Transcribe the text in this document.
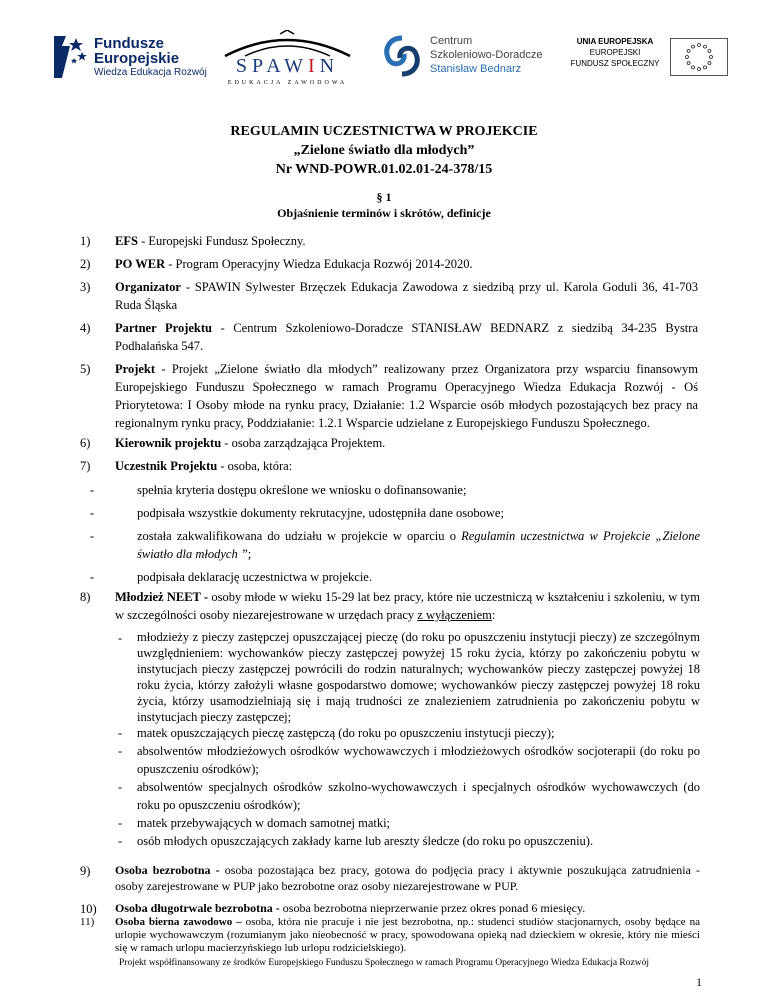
Fundusze
Europejskie
Wiedza Edukacja Rozwój	SPAWIN
EDUKACJA ZAWODOWA
Centrum
Szkoleniowo-Doradcze
Stanisław Bednarz
UNIA EUROPEJSKA
EUROPEJSKI
FUNDUSZ SPOŁECZNY
REGULAMIN UCZESTNICTWA W PROJEKCIE
„Zielone światło dla młodych”
Nr WND-POWR.01.02.01-24-378/15
§ 1
Objaśnienie terminów i skrótów, definicje
1) EFS - Europejski Fundusz Społeczny.
2) PO WER - Program Operacyjny Wiedza Edukacja Rozwój 2014-2020.
3) Organizator - SPAWIN Sylwester Brzęczek Edukacja Zawodowa z siedzibą przy ul. Karola Goduli 36, 41-703 Ruda Śląska
4) Partner Projektu - Centrum Szkoleniowo-Doradcze STANISŁAW BEDNARZ z siedzibą 34-235 Bystra Podhalańska 547.
5) Projekt - Projekt „Zielone światło dla młodych” realizowany przez Organizatora przy wsparciu finansowym Europejskiego Funduszu Społecznego w ramach Programu Operacyjnego Wiedza Edukacja Rozwój - Oś Priorytetowa: I Osoby młode na rynku pracy, Działanie: 1.2 Wsparcie osób młodych pozostających bez pracy na regionalnym rynku pracy, Poddziałanie: 1.2.1 Wsparcie udzielane z Europejskiego Funduszu Społecznego.
6) Kierownik projektu - osoba zarządzająca Projektem.
7) Uczestnik Projektu - osoba, która:
-	spełnia kryteria dostępu określone we wniosku o dofinansowanie;
-	podpisała wszystkie dokumenty rekrutacyjne, udostępniła dane osobowe;
-	została zakwalifikowana do udziału w projekcie w oparciu o Regulamin uczestnictwa w Projekcie „Zielone światło dla młodych ”;
-	podpisała deklarację uczestnictwa w projekcie.
8) Młodzież NEET - osoby młode w wieku 15-29 lat bez pracy, które nie uczestniczą w kształceniu i szkoleniu, w tym w szczególności osoby niezarejestrowane w urzędach pracy z wyłączeniem:
- młodzieży z pieczy zastępczej opuszczającej pieczę (do roku po opuszczeniu instytucji pieczy) ze szczególnym uwzględnieniem: wychowanków pieczy zastępczej powyżej 15 roku życia, którzy po zakończeniu pobytu w instytucjach pieczy zastępczej powrócili do rodzin naturalnych; wychowanków pieczy zastępczej powyżej 18 roku życia, którzy założyli własne gospodarstwo domowe; wychowanków pieczy zastępczej powyżej 18 roku życia, którzy usamodzielniają się i mają trudności ze znalezieniem zatrudnienia po zakończeniu pobytu w instytucjach pieczy zastępczej;
- matek opuszczających pieczę zastępczą (do roku po opuszczeniu instytucji pieczy);
- absolwentów młodzieżowych ośrodków wychowawczych i młodzieżowych ośrodków socjoterapii (do roku po opuszczeniu ośrodków);
- absolwentów specjalnych ośrodków szkolno-wychowawczych i specjalnych ośrodków wychowawczych (do roku po opuszczeniu ośrodków);
- matek przebywających w domach samotnej matki;
- osób młodych opuszczających zakłady karne lub areszty śledcze (do roku po opuszczeniu).
9) Osoba bezrobotna - osoba pozostająca bez pracy, gotowa do podjęcia pracy i aktywnie poszukująca zatrudnienia - osoby zarejestrowane w PUP jako bezrobotne oraz osoby niezarejestrowane w PUP.
10) Osoba długotrwale bezrobotna - osoba bezrobotna nieprzerwanie przez okres ponad 6 miesięcy.
Projekt współfinansowany ze środków Europejskiego Funduszu Społecznego w ramach Programu Operacyjnego Wiedza Edukacja Rozwój
1
11) Osoba bierna zawodowo – osoba, która nie pracuje i nie jest bezrobotna, np.: studenci studiów stacjonarnych, osoby będące na urlopie wychowawczym (rozumianym jako nieobecność w pracy, spowodowana opieką nad dzieckiem w okresie, który nie mieści się w ramach urlopu macierzyńskiego lub urlopu rodzicielskiego).
